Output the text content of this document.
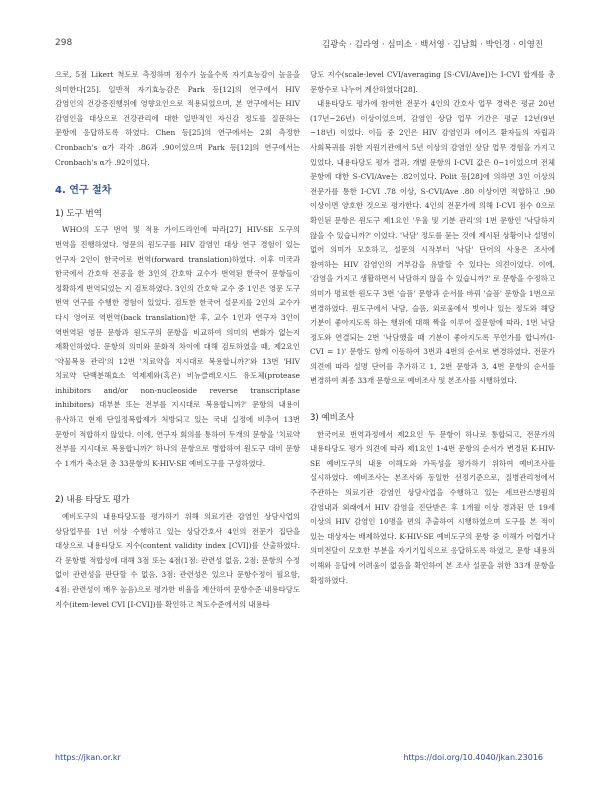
298	김광숙 · 김라영 · 심미소 · 백서영 · 김남희 · 박인경 · 이영진

으로, 5점 Likert 척도로 측정하며 점수가 높을수록 자기효능감이 높음을 의미한다[25]. 일반적 자기효능감은 Park 등[12]의 연구에서 HIV 감염인의 건강증진행위에 영향요인으로 적용되었으며, 본 연구에서는 HIV 감염인을 대상으로 건강관리에 대한 일반적인 자신감 정도를 질문하는 문항에 응답하도록 하였다. Chen 등[25]의 연구에서는 2회 측정한 Cronbach's α가 각각 .86과 .90이었으며 Park 등[12]의 연구에서는 Cronbach's α가 .92이었다.

4. 연구 절차
1) 도구 번역

WHO의 도구 번역 및 적용 가이드라인에 따라[27] HIV-SE 도구의 번역을 진행하였다. 영문의 원도구를 HIV 감염인 대상 연구 경험이 있는 연구자 2인이 한국어로 번역(forward translation)하였다. 이후 미국과 한국에서 간호학 전공을 한 3인의 간호학 교수가 번역된 한국어 문항들이 정확하게 번역되었는 지 검토하였다. 3인의 간호학 교수 중 1인은 영문 도구 번역 연구를 수행한 경험이 있었다. 검토한 한국어 설문지를 2인의 교수가 다시 영어로 역번역(back translation)한 후, 교수 1인과 연구자 3인이 역번역된 영문 문항과 원도구의 문항을 비교하여 의미의 변화가 없는지 재확인하였다. 문항의 의미와 문화적 차이에 대해 검토하였을 때, 제2요인 '약물복용 관리'의 12번 '치료약을 지시대로 복용합니까?'와 13번 'HIV 치료약 단백분해효소 억제제와(혹은) 비뉴클레오시드 유도체(protease inhibitors and/or non-nucleoside reverse transcriptase inhibitors) 대부분 또는 전부를 지시대로 복용합니까?' 문항의 내용이 유사하고 현재 단일정복합제가 처방되고 있는 국내 실정에 비추어 13번 문항이 적합하지 않았다. 이에, 연구자 회의를 통하여 두개의 문항을 '치료약 전부를 지시대로 복용합니까?' 하나의 문항으로 병합하여 원도구 대비 문항 수 1개가 축소된 총 33문항의 K-HIV-SE 예비도구를 구성하였다.

2) 내용 타당도 평가

예비도구의 내용타당도를 평가하기 위해 의료기관 감염인 상담사업의 상담업무를 1년 이상 수행하고 있는 상담간호사 4인의 전문가 집단을 대상으로 내용타당도 지수(content validity index [CVI])를 산출하였다. 각 문항별 적합성에 대해 3점 또는 4점(1점: 관련성 없음, 2점: 문항의 수정 없이 관련성을 판단할 수 없음, 3점: 관련성은 있으나 문항수정이 필요함, 4점: 관련성이 매우 높음)으로 평가한 비율을 계산하여 문항수준 내용타당도 지수(item-level CVI [I-CVI])를 확인하고 척도수준에서의 내용타

당도 지수(scale-level CVI/averaging [S-CVI/Ave])는 I-CVI 합계를 총 문항수로 나누어 계산하였다[28].

내용타당도 평가에 참여한 전문가 4인의 간호사 업무 경력은 평균 20년(17년~26년) 이상이었으며, 감염인 상담 업무 기간은 평균 12년(9년~18년) 이었다. 이들 중 2인은 HIV 감염인과 에이즈 환자들의 자립과 사회복귀를 위한 지원기관에서 5년 이상의 감염인 상담 업무 경험을 가지고 있었다. 내용타당도 평가 결과, 개별 문항의 I-CVI 값은 0~1이었으며 전체 문항에 대한 S-CVI/Ave는 .82이었다. Polit 등[28]에 의하면 3인 이상의 전문가를 통한 I-CVI .78 이상, S-CVI/Ave .80 이상이면 적합하고 .90 이상이면 양호한 것으로 평가한다. 4인의 전문가에 의해 I-CVI 점수 0으로 확인된 문항은 원도구 제1요인 '우울 및 기분 관리'의 1번 문항인 '낙담하지 않을 수 있습니까?' 이었다. '낙담' 정도를 묻는 것에 제시된 상황이나 설명이 없어 의미가 모호하고, 설문의 시작부터 '낙담' 단어의 사용은 조사에 참여하는 HIV 감염인의 거부감을 유발할 수 있다는 의견이었다. 이에, '감염을 가지고 생활하면서 낙담하지 않을 수 있습니까?' 로 문항을 수정하고 의미가 명료한 원도구 3번 '슬픔' 문항과 순서를 바꿔 '슬픔' 문항을 1번으로 변경하였다. 원도구에서 낙담, 슬픔, 외로움에서 벗어나 있는 정도와 해당 기분이 좋아지도록 하는 행위에 대해 짝을 이루어 질문함에 따라, 1번 낙담 정도와 연결되는 2번 '낙담했을 때 기분이 좋아지도록 무언가를 합니까(I-CVI = 1)' 문항도 함께 이동하여 3번과 4번의 순서로 변경하였다. 전문가 의견에 따라 설명 단어를 추가하고 1, 2번 문항과 3, 4번 문항의 순서를 변경하여 최종 33개 문항으로 예비조사 및 본조사를 시행하였다.

3) 예비조사

한국어로 번역과정에서 제2요인 두 문항이 하나로 통합되고, 전문가의 내용타당도 평가 의견에 따라 제1요인 1-4번 문항의 순서가 변경된 K-HIV-SE 예비도구의 내용 이해도와 가독성을 평가하기 위하여 예비조사를 실시하였다. 예비조사는 본조사와 동일한 선정기준으로, 질병관리청에서 주관하는 의료기관 감염인 상담사업을 수행하고 있는 세브란스병원의 감염내과 외래에서 HIV 감염을 진단받은 후 1개월 이상 경과된 만 19세 이상의 HIV 감염인 10명을 편의 추출하여 시행하였으며 도구를 본 적이 있는 대상자는 배제하였다. K-HIV-SE 예비도구의 문항 중 이해가 어렵거나 의미전달이 모호한 부분을 자기기입식으로 응답하도록 하였고, 문항 내용의 이해와 응답에 어려움이 없음을 확인하여 본 조사 설문을 위한 33개 문항을 확정하였다.

https://jkan.or.kr	https://doi.org/10.4040/jkan.23016
